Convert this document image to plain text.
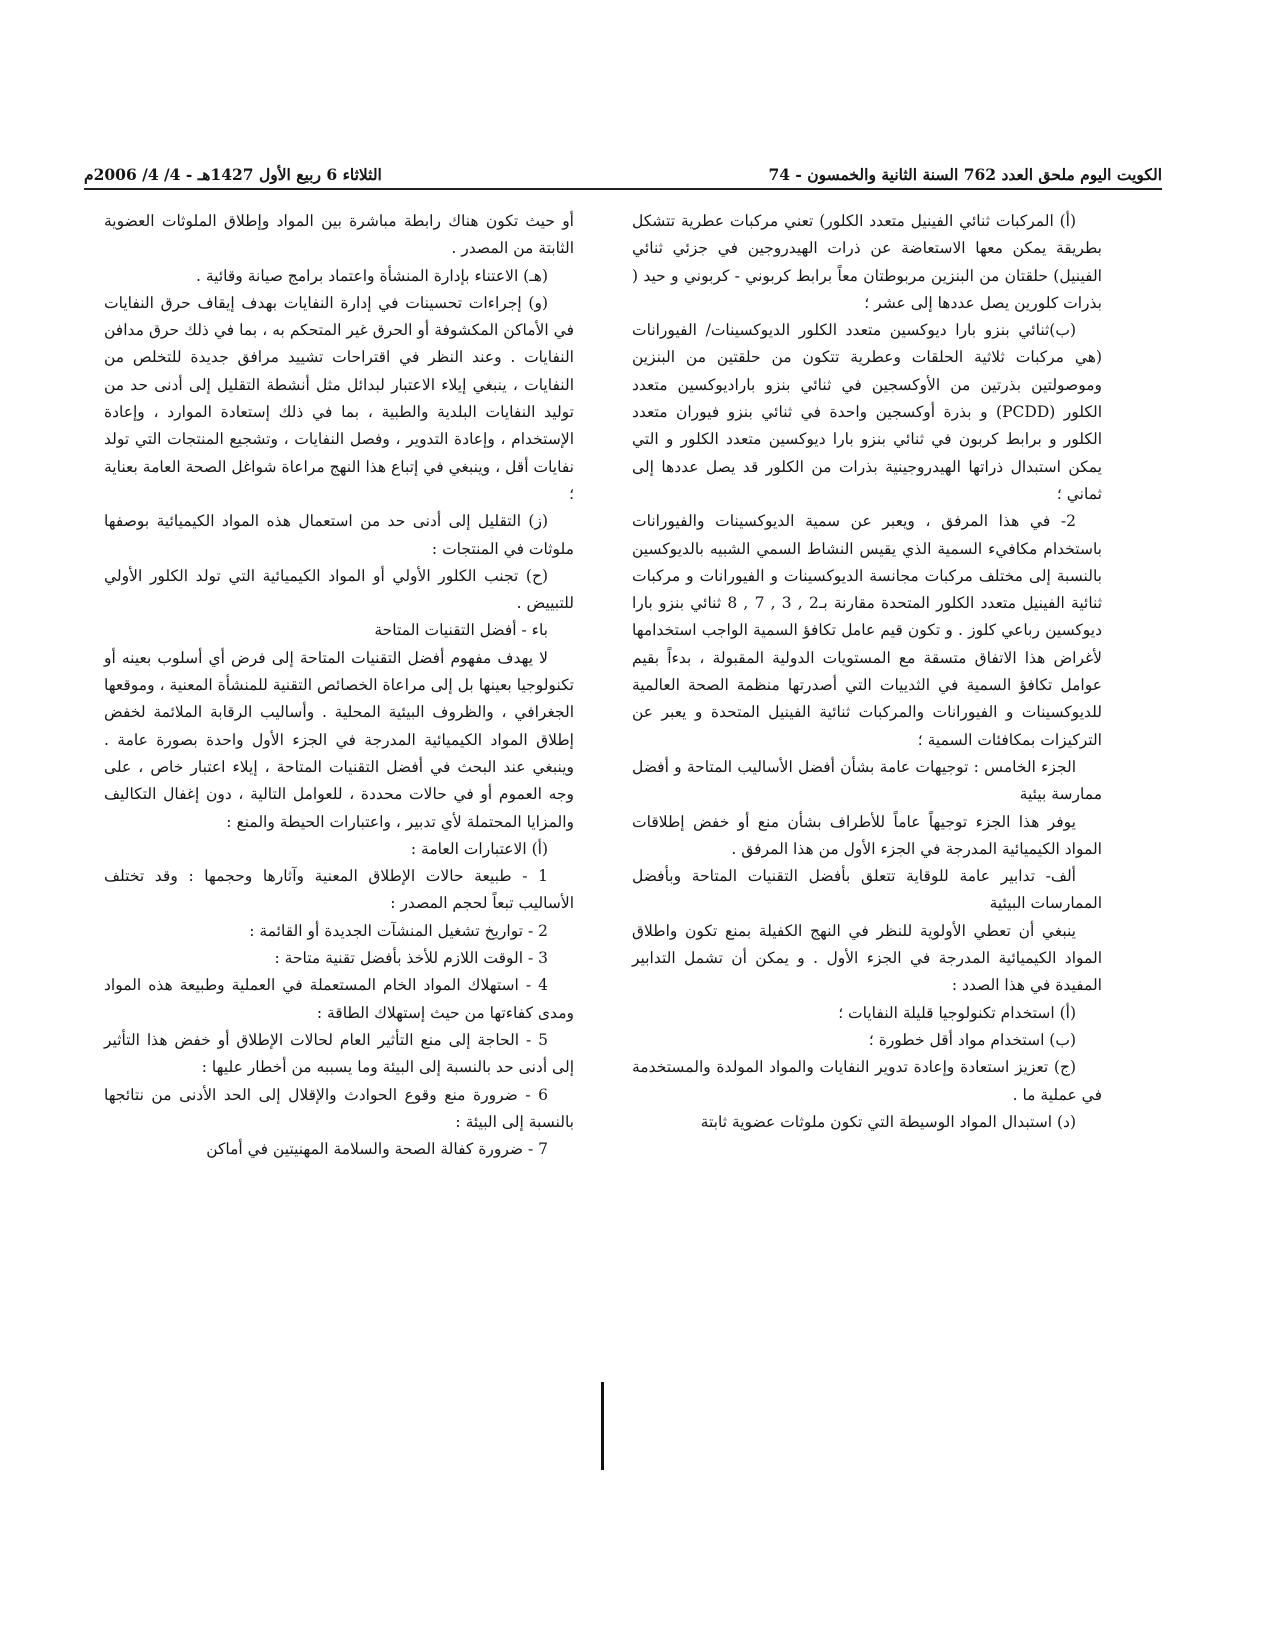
الكويت اليوم ملحق العدد 762 السنة الثانية والخمسون - 74
الثلاثاء 6 ربيع الأول 1427هـ - 4/ 4/ 2006م

(أ) المركبات ثنائي الفينيل متعدد الكلور) تعني مركبات عطرية تتشكل بطريقة يمكن معها الاستعاضة عن ذرات الهيدروجين في جزئي ثنائي الفينيل) حلقتان من البنزين مربوطتان معاً برابط كربوني - كربوني و حيد ( بذرات كلورين يصل عددها إلى عشر ؛

(ب)ثنائي بنزو بارا ديوكسين متعدد الكلور الديوكسينات/ الفيورانات (هي مركبات ثلاثية الحلقات وعطرية تتكون من حلقتين من البنزين وموصولتين بذرتين من الأوكسجين في ثنائي بنزو باراديوكسين متعدد الكلور (PCDD) و بذرة أوكسجين واحدة في ثنائي بنزو فيوران متعدد الكلور و برابط كربون في ثنائي بنزو بارا ديوكسين متعدد الكلور و التي يمكن استبدال ذراتها الهيدروجينية بذرات من الكلور قد يصل عددها إلى ثماني ؛

2- في هذا المرفق ، ويعبر عن سمية الديوكسينات والفيورانات باستخدام مكافيء السمية الذي يقيس النشاط السمي الشبيه بالديوكسين بالنسبة إلى مختلف مركبات مجانسة الديوكسينات و الفيورانات و مركبات ثنائية الفينيل متعدد الكلور المتحدة مقارنة بـ2 , 3 , 7 , 8 ثنائي بنزو بارا ديوكسين رباعي كلوز . و تكون قيم عامل تكافؤ السمية الواجب استخدامها لأغراض هذا الاتفاق متسقة مع المستويات الدولية المقبولة ، بدءاً بقيم عوامل تكافؤ السمية في الثدييات التي أصدرتها منظمة الصحة العالمية للديوكسينات و الفيورانات والمركبات ثنائية الفينيل المتحدة و يعبر عن التركيزات بمكافئات السمية ؛

الجزء الخامس : توجيهات عامة بشأن أفضل الأساليب المتاحة و أفضل ممارسة بيئية

يوفر هذا الجزء توجيهاً عاماً للأطراف بشأن منع أو خفض إطلاقات المواد الكيميائية المدرجة في الجزء الأول من هذا المرفق .

ألف- تدابير عامة للوقاية تتعلق بأفضل التقنيات المتاحة وبأفضل الممارسات البيئية

ينبغي أن تعطي الأولوية للنظر في النهج الكفيلة بمنع تكون واطلاق المواد الكيميائية المدرجة في الجزء الأول . و يمكن أن تشمل التدابير المفيدة في هذا الصدد :

(أ) استخدام تكنولوجيا قليلة النفايات ؛

(ب) استخدام مواد أقل خطورة ؛

(ج) تعزيز استعادة وإعادة تدوير النفايات والمواد المولدة والمستخدمة في عملية ما .

(د) استبدال المواد الوسيطة التي تكون ملوثات عضوية ثابتة

أو حيث تكون هناك رابطة مباشرة بين المواد وإطلاق الملوثات العضوية الثابتة من المصدر .

(هـ) الاعتناء بإدارة المنشأة واعتماد برامج صيانة وقائية .

(و) إجراءات تحسينات في إدارة النفايات بهدف إيقاف حرق النفايات في الأماكن المكشوفة أو الحرق غير المتحكم به ، بما في ذلك حرق مدافن النفايات . وعند النظر في اقتراحات تشييد مرافق جديدة للتخلص من النفايات ، ينبغي إيلاء الاعتبار لبدائل مثل أنشطة التقليل إلى أدنى حد من توليد النفايات البلدية والطبية ، بما في ذلك إستعادة الموارد ، وإعادة الإستخدام ، وإعادة التدوير ، وفصل النفايات ، وتشجيع المنتجات التي تولد نفايات أقل ، وينبغي في إتباع هذا النهج مراعاة شواغل الصحة العامة بعناية ؛

(ز) التقليل إلى أدنى حد من استعمال هذه المواد الكيميائية بوصفها ملوثات في المنتجات :

(ح) تجنب الكلور الأولي أو المواد الكيميائية التي تولد الكلور الأولي للتبييض .

باء - أفضل التقنيات المتاحة

لا يهدف مفهوم أفضل التقنيات المتاحة إلى فرض أي أسلوب بعينه أو تكنولوجيا بعينها بل إلى مراعاة الخصائص التقنية للمنشأة المعنية ، وموقعها الجغرافي ، والظروف البيئية المحلية . وأساليب الرقابة الملائمة لخفض إطلاق المواد الكيميائية المدرجة في الجزء الأول واحدة بصورة عامة . وينبغي عند البحث في أفضل التقنيات المتاحة ، إيلاء اعتبار خاص ، على وجه العموم أو في حالات محددة ، للعوامل التالية ، دون إغفال التكاليف والمزايا المحتملة لأي تدبير ، واعتبارات الحيطة والمنع :

(أ) الاعتبارات العامة :

1 - طبيعة حالات الإطلاق المعنية وآثارها وحجمها : وقد تختلف الأساليب تبعاً لحجم المصدر :

2 - تواريخ تشغيل المنشآت الجديدة أو القائمة :

3 - الوقت اللازم للأخذ بأفضل تقنية متاحة :

4 - استهلاك المواد الخام المستعملة في العملية وطبيعة هذه المواد ومدى كفاءتها من حيث إستهلاك الطاقة :

5 - الحاجة إلى منع التأثير العام لحالات الإطلاق أو خفض هذا التأثير إلى أدنى حد بالنسبة إلى البيئة وما يسببه من أخطار عليها :

6 - ضرورة منع وقوع الحوادث والإقلال إلى الحد الأدنى من نتائجها بالنسبة إلى البيئة :

7 - ضرورة كفالة الصحة والسلامة المهنيتين في أماكن
